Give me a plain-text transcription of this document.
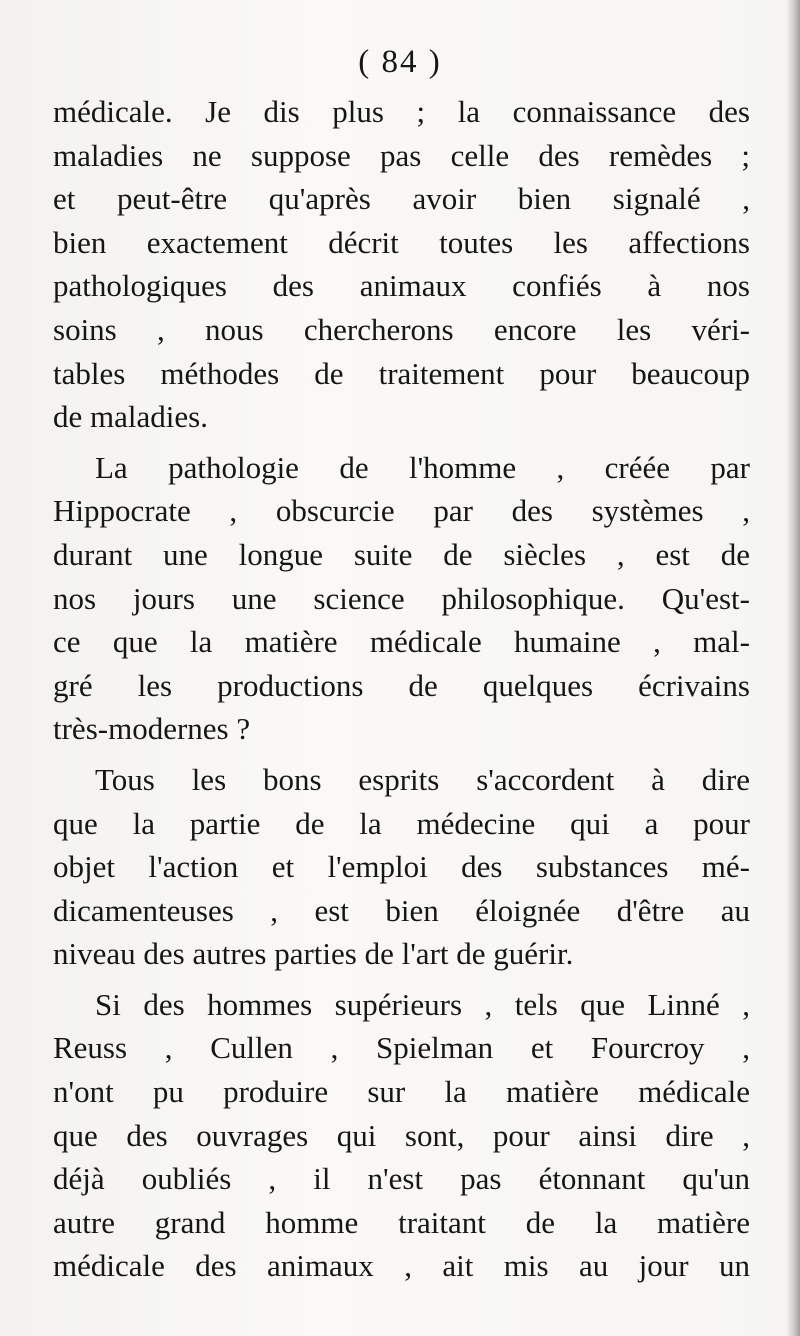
( 84 )
médicale. Je dis plus ; la connaissance des
maladies ne suppose pas celle des remèdes ;
et peut-être qu'après avoir bien signalé ,
bien exactement décrit toutes les affections
pathologiques des animaux confiés à nos
soins , nous chercherons encore les véri-
tables méthodes de traitement pour beaucoup
de maladies.
La pathologie de l'homme , créée par
Hippocrate , obscurcie par des systèmes ,
durant une longue suite de siècles , est de
nos jours une science philosophique. Qu'est-
ce que la matière médicale humaine , mal-
gré les productions de quelques écrivains
très-modernes ?
Tous les bons esprits s'accordent à dire
que la partie de la médecine qui a pour
objet l'action et l'emploi des substances mé-
dicamenteuses , est bien éloignée d'être au
niveau des autres parties de l'art de guérir.
Si des hommes supérieurs , tels que Linné ,
Reuss , Cullen , Spielman et Fourcroy ,
n'ont pu produire sur la matière médicale
que des ouvrages qui sont, pour ainsi dire ,
déjà oubliés , il n'est pas étonnant qu'un
autre grand homme traitant de la matière
médicale des animaux , ait mis au jour un
